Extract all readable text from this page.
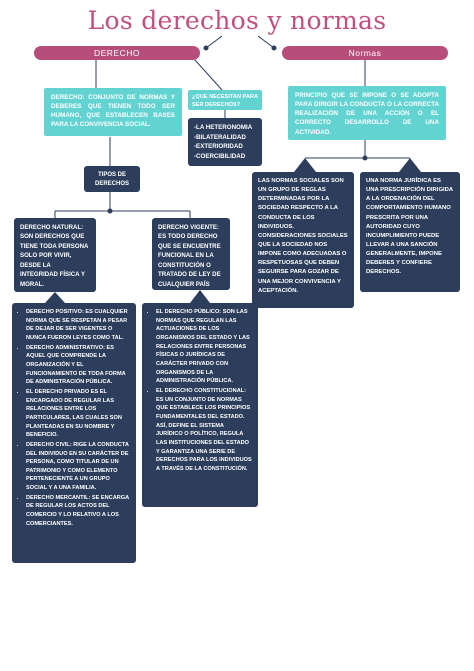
Los derechos y normas
DERECHO	Normas
DERECHO: CONJUNTO DE NORMAS Y DEBERES QUE TIENEN TODO SER HUMANO, QUE ESTABLECEN BASES PARA LA CONVIVENCIA SOCIAL.
¿QUE NECESITAN PARA SER DERECHOS?

-LA HETERONOMIA

-BILATERALIDAD

-EXTERIORIDAD

-COERCIBILIDAD

TIPOS DE DERECHOS
DERECHO NATURAL: SON DERECHOS QUE TIENE TODA PERSONA SOLO POR VIVIR, DESDE LA INTEGRIDAD FÍSICA Y MORAL.
DERECHO VIGENTE: ES TODO DERECHO QUE SE ENCUENTRE FUNCIONAL EN LA CONSTITUCIÓN O TRATADO DE LEY DE CUALQUIER PAÍS
• DERECHO POSITIVO: ES CUALQUIER NORMA QUE SE RESPETAN A PESAR DE DEJAR DE SER VIGENTES O NUNCA FUERON LEYES COMO TAL.
• DERECHO ADMINISTRATIVO: ES AQUEL QUE COMPRENDE LA ORGANIZACIÓN Y EL FUNCIONAMIENTO DE TODA FORMA DE ADMINISTRACIÓN PÚBLICA.
• EL DERECHO PRIVADO ES EL ENCARGADO DE REGULAR LAS RELACIONES ENTRE LOS PARTICULARES, LAS CUALES SON PLANTEADAS EN SU NOMBRE Y BENEFICIO.
• DERECHO CIVIL: RIGE LA CONDUCTA DEL INDIVIDUO EN SU CARÁCTER DE PERSONA, COMO TITULAR DE UN PATRIMONIO Y COMO ELEMENTO PERTENECIENTE A UN GRUPO SOCIAL Y A UNA FAMILIA.
• DERECHO MERCANTIL: SE ENCARGA DE REGULAR LOS ACTOS DEL COMERCIO Y LO RELATIVO A LOS COMERCIANTES.
• EL DERECHO PÚBLICO: SON LAS NORMAS QUE REGULAN LAS ACTUACIONES DE LOS ORGANISMOS DEL ESTADO Y LAS RELACIONES ENTRE PERSONAS FÍSICAS O JURÍDICAS DE CARÁCTER PRIVADO CON ORGANISMOS DE LA ADMINISTRACIÓN PÚBLICA.
• EL DERECHO CONSTITUCIONAL: ES UN CONJUNTO DE NORMAS QUE ESTABLECE LOS PRINCIPIOS FUNDAMENTALES DEL ESTADO. ASÍ, DEFINE EL SISTEMA JURÍDICO O POLÍTICO, REGULA LAS INSTITUCIONES DEL ESTADO Y GARANTIZA UNA SERIE DE DERECHOS PARA LOS INDIVIDUOS A TRAVÉS DE LA CONSTITUCIÓN.
PRINCIPIO QUE SE IMPONE O SE ADOPTA PARA DIRIGIR LA CONDUCTA O LA CORRECTA REALIZACIÓN DE UNA ACCIÓN O EL CORRECTO DESARROLLO DE UNA ACTIVIDAD.
LAS NORMAS SOCIALES SON UN GRUPO DE REGLAS DETERMINADAS POR LA SOCIEDAD RESPECTO A LA CONDUCTA DE LOS INDIVIDUOS. CONSIDERACIONES SOCIALES QUE LA SOCIEDAD NOS IMPONE COMO ADECUADAS O RESPETUOSAS QUE DEBEN SEGUIRSE PARA GOZAR DE UNA MEJOR CONVIVENCIA Y ACEPTACIÓN.
UNA NORMA JURÍDICA ES UNA PRESCRIPCIÓN DIRIGIDA A LA ORDENACIÓN DEL COMPORTAMIENTO HUMANO PRESCRITA POR UNA AUTORIDAD CUYO INCUMPLIMIENTO PUEDE LLEVAR A UNA SANCIÓN GENERALMENTE, IMPONE DEBERES Y CONFIERE DERECHOS.
